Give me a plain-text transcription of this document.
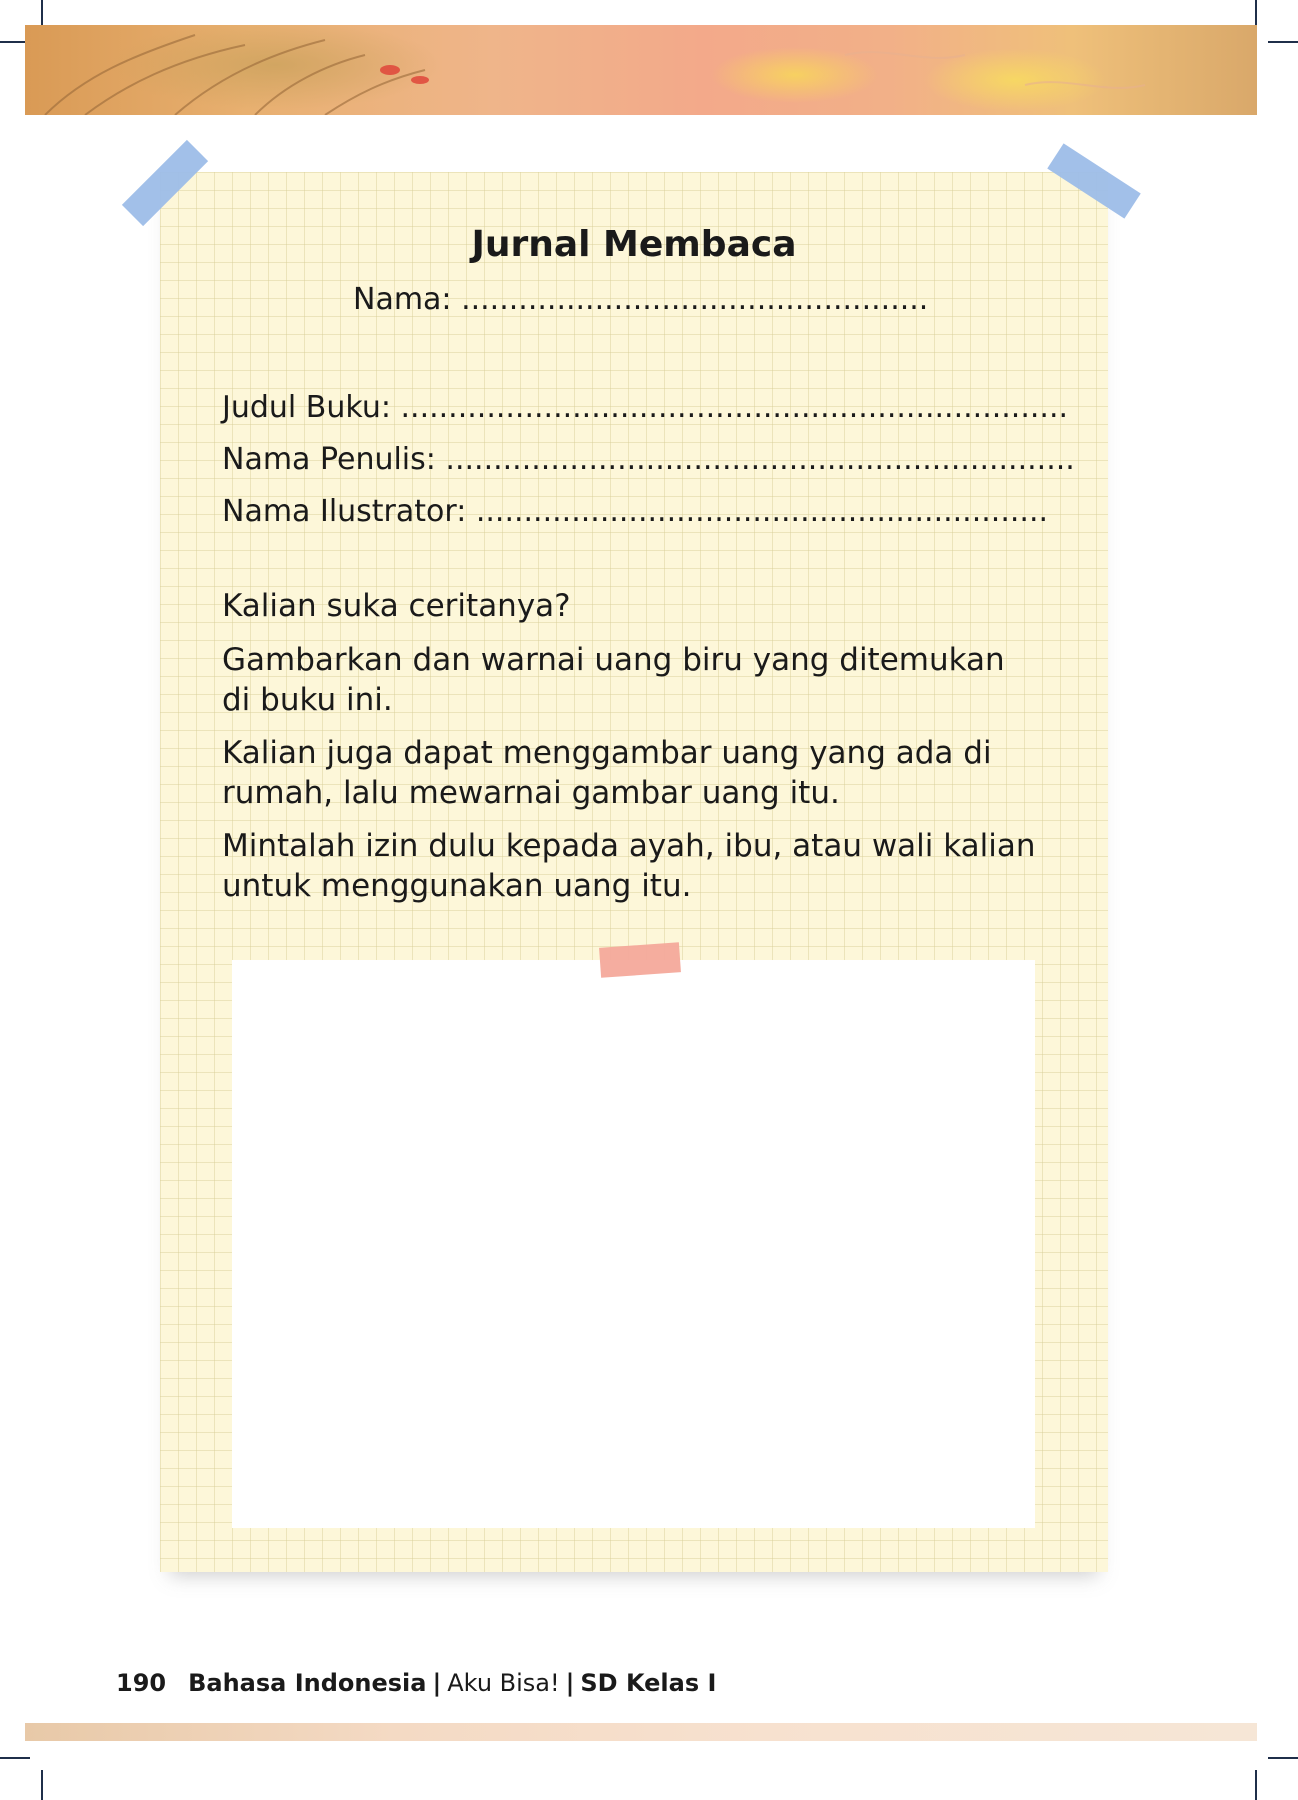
Jurnal Membaca

Nama: .................................................

Judul Buku: ......................................................................

Nama Penulis: ..................................................................

Nama Ilustrator: ............................................................

Kalian suka ceritanya?

Gambarkan dan warnai uang biru yang ditemukan di buku ini.

Kalian juga dapat menggambar uang yang ada di rumah, lalu mewarnai gambar uang itu.

Mintalah izin dulu kepada ayah, ibu, atau wali kalian untuk menggunakan uang itu.

190 Bahasa Indonesia | Aku Bisa! | SD Kelas I
